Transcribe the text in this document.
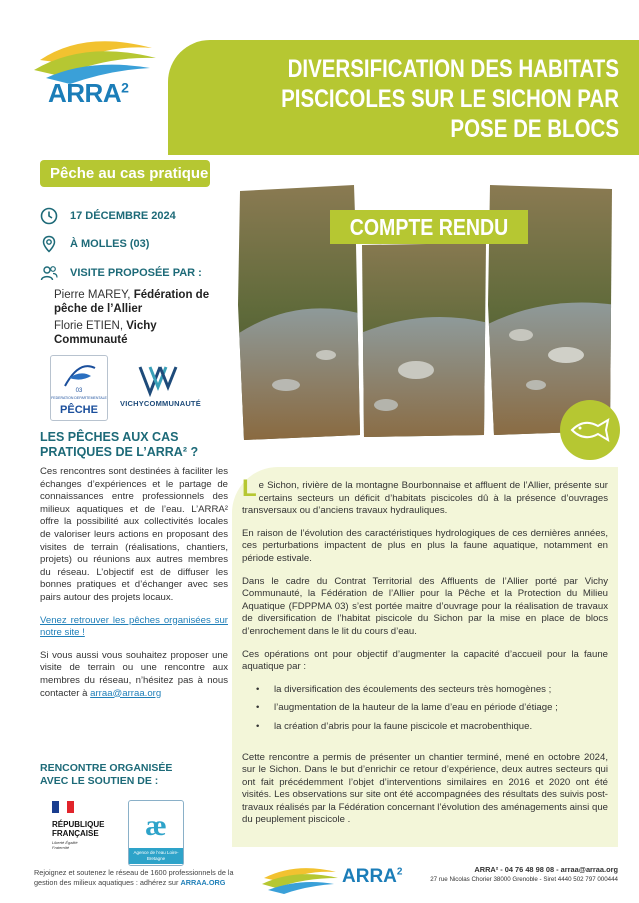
ARRA$^2$
DIVERSIFICATION DES HABITATS PISCICOLES SUR LE SICHON PAR POSE DE BLOCS
Pêche au cas pratique
17 DÉCEMBRE 2024
À MOLLES (03)
VISITE PROPOSÉE PAR :
Pierre MAREY, Fédération de pêche de l’Allier
Florie ETIEN, Vichy Communauté
03
FEDERATION DEPARTEMENTALE
PÊCHE
VICHYCOMMUNAUTÉ
LES PÊCHES AUX CAS PRATIQUES DE L’ARRA² ?
Ces rencontres sont destinées à faciliter les échanges d’expériences et le partage de connaissances entre professionnels des milieux aquatiques et de l’eau. L’ARRA² offre la possibilité aux collectivités locales de valoriser leurs actions en proposant des visites de terrain (réalisations, chantiers, projets) ou réunions aux autres membres du réseau. L’objectif est de diffuser les bonnes pratiques et d’échanger avec ses pairs autour des projets locaux.
Venez retrouver les pêches organisées sur notre site !
Si vous aussi vous souhaitez proposer une visite de terrain ou une rencontre aux membres du réseau, n’hésitez pas à nous contacter à arraa@arraa.org
RENCONTRE ORGANISÉE AVEC LE SOUTIEN DE :
RÉPUBLIQUE
FRANÇAISE
Liberté Égalité Fraternité
æ
Agence de l’eau Loire-Bretagne
Rejoignez et soutenez le réseau de 1600 professionnels de la gestion des milieux aquatiques : adhérez sur ARRAA.ORG
COMPTE RENDU

Le Sichon, rivière de la montagne Bourbonnaise et affluent de l’Allier, présente sur certains secteurs un déficit d’habitats piscicoles dû à la présence d’ouvrages transversaux ou d’anciens travaux hydrauliques.

En raison de l’évolution des caractéristiques hydrologiques de ces dernières années, ces perturbations impactent de plus en plus la faune aquatique, notamment en période estivale.

Dans le cadre du Contrat Territorial des Affluents de l’Allier porté par Vichy Communauté, la Fédération de l’Allier pour la Pêche et la Protection du Milieu Aquatique (FDPPMA 03) s’est portée maitre d’ouvrage pour la réalisation de travaux de diversification de l’habitat piscicole du Sichon par la mise en place de blocs d’enrochement dans le lit du cours d’eau.

Ces opérations ont pour objectif d’augmenter la capacité d’accueil pour la faune aquatique par :

• la diversification des écoulements des secteurs très homogènes ;
• l’augmentation de la hauteur de la lame d’eau en période d’étiage ;
• la création d’abris pour la faune piscicole et macrobenthique.

Cette rencontre a permis de présenter un chantier terminé, mené en octobre 2024, sur le Sichon. Dans le but d’enrichir ce retour d’expérience, deux autres secteurs qui ont fait précédemment l’objet d’interventions similaires en 2016 et 2020 ont été visités. Les observations sur site ont été accompagnées des résultats des suivis post-travaux réalisés par la Fédération concernant l’évolution des aménagements ainsi que du peuplement piscicole .

ARRA$^2$	ARRA² - 04 76 48 98 08 - arraa@arraa.org
27 rue Nicolas Chorier 38000 Grenoble - Siret 4440 502 797 000444
